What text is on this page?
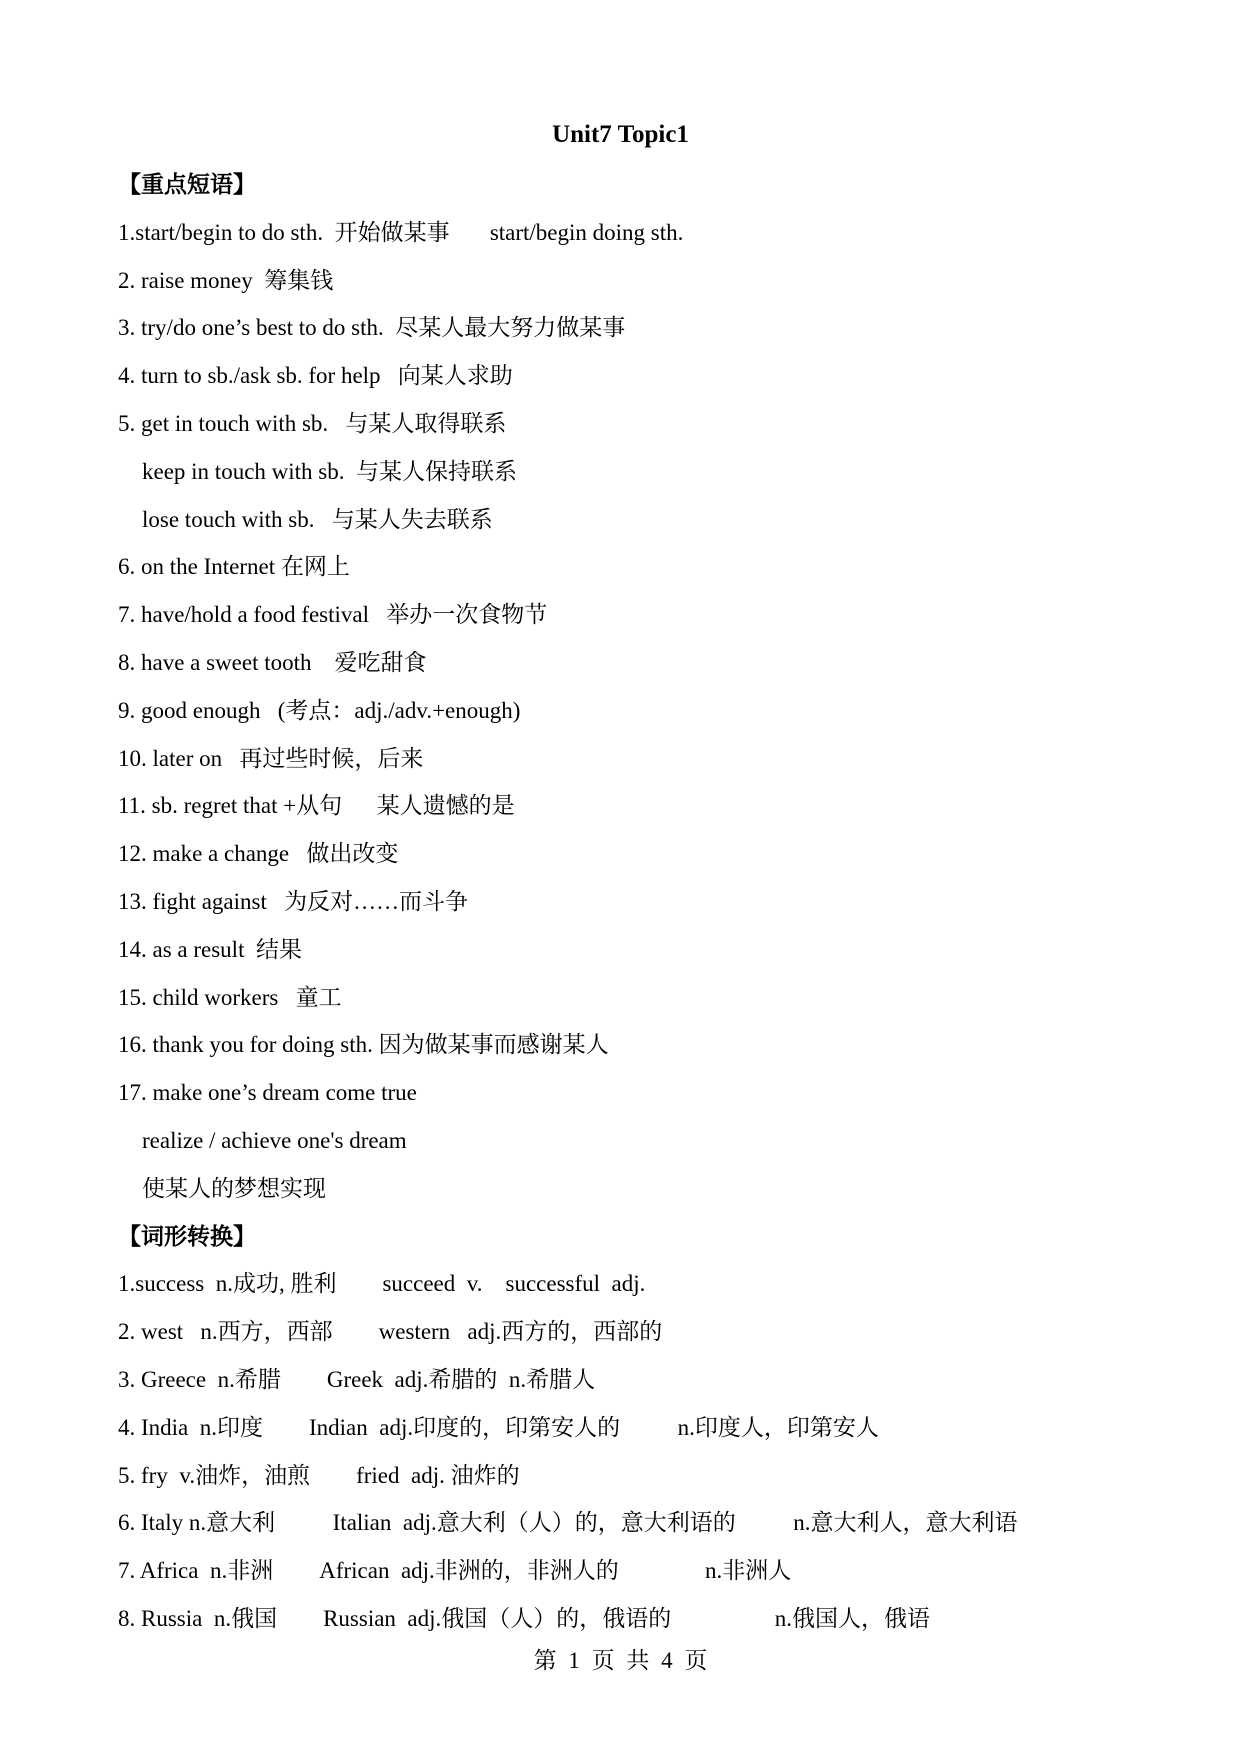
Unit7 Topic1
【重点短语】
1.start/begin to do sth.  开始做某事       start/begin doing sth.
2. raise money  筹集钱
3. try/do one’s best to do sth.  尽某人最大努力做某事
4. turn to sb./ask sb. for help   向某人求助
5. get in touch with sb.   与某人取得联系
keep in touch with sb.  与某人保持联系
lose touch with sb.   与某人失去联系
6. on the Internet 在网上
7. have/hold a food festival   举办一次食物节
8. have a sweet tooth    爱吃甜食
9. good enough   (考点：adj./adv.+enough)
10. later on   再过些时候，后来
11. sb. regret that +从句      某人遗憾的是
12. make a change   做出改变
13. fight against   为反对……而斗争
14. as a result  结果
15. child workers   童工
16. thank you for doing sth. 因为做某事而感谢某人
17. make one’s dream come true
realize / achieve one's dream
使某人的梦想实现
【词形转换】
1.success  n.成功, 胜利        succeed  v.    successful  adj.
2. west   n.西方，西部        western   adj.西方的，西部的
3. Greece  n.希腊        Greek  adj.希腊的  n.希腊人
4. India  n.印度        Indian  adj.印度的，印第安人的          n.印度人，印第安人
5. fry  v.油炸，油煎        fried  adj. 油炸的
6. Italy n.意大利          Italian  adj.意大利（人）的，意大利语的          n.意大利人，意大利语
7. Africa  n.非洲        African  adj.非洲的，非洲人的               n.非洲人
8. Russia  n.俄国        Russian  adj.俄国（人）的，俄语的                  n.俄国人，俄语
第 1 页 共 4 页
